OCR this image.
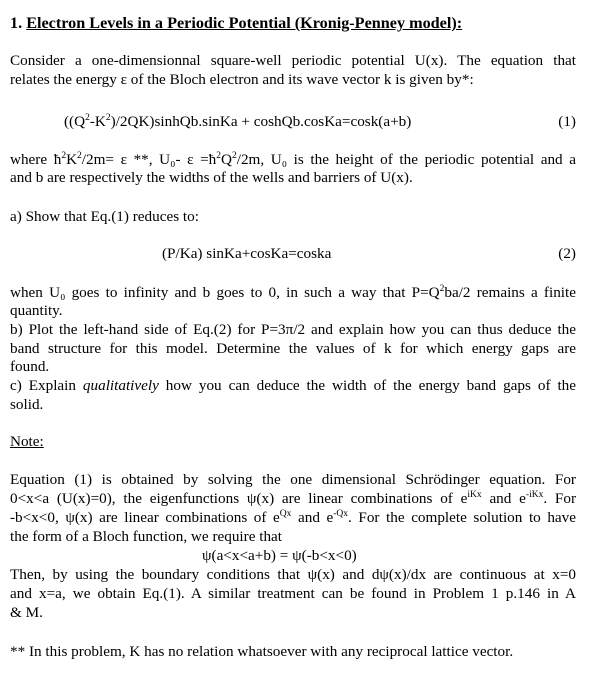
1. Electron Levels in a Periodic Potential (Kronig-Penney model):
Consider a one-dimensionnal square-well periodic potential U(x). The equation that
relates the energy ε of the Bloch electron and its wave vector k is given by*:
$((Q^2-K^2)/2QK)sinhQb.sinKa$ + coshQb.cosKa=cosk(a+b)	(1)
where $ħ^2K^2/2m= \varepsilon$ **, U₀- $\varepsilon =ħ^2Q^2/2m$, U₀ is the height of the periodic potential and a
and b are respectively the widths of the wells and barriers of U(x).
a) Show that Eq.(1) reduces to:
(P/Ka) sinKa+cosKa=coska	(2)
when U₀ goes to infinity and b goes to 0, in such a way that $P=Q^2ba/2$ remains a finite
quantity.
b) Plot the left-hand side of Eq.(2) for P=3π/2 and explain how you can thus deduce the
band structure for this model. Determine the values of k for which energy gaps are
found.
c) Explain qualitatively how you can deduce the width of the energy band gaps of the
solid.
Note:
Equation (1) is obtained by solving the one dimensional Schrödinger equation. For
0<x<a (U(x)=0), the eigenfunctions ψ(x) are linear combinations of $e^{iKx}$ and $e^{-iKx}$. For
-b<x<0, ψ(x) are linear combinations of $e^{Qx}$ and $e^{-Qx}$. For the complete solution to have
the form of a Bloch function, we require that
ψ(a<x<a+b) = ψ(-b<x<0)
Then, by using the boundary conditions that ψ(x) and dψ(x)/dx are continuous at x=0
and x=a, we obtain Eq.(1). A similar treatment can be found in Problem 1 p.146 in A
& M.
** In this problem, K has no relation whatsoever with any reciprocal lattice vector.
